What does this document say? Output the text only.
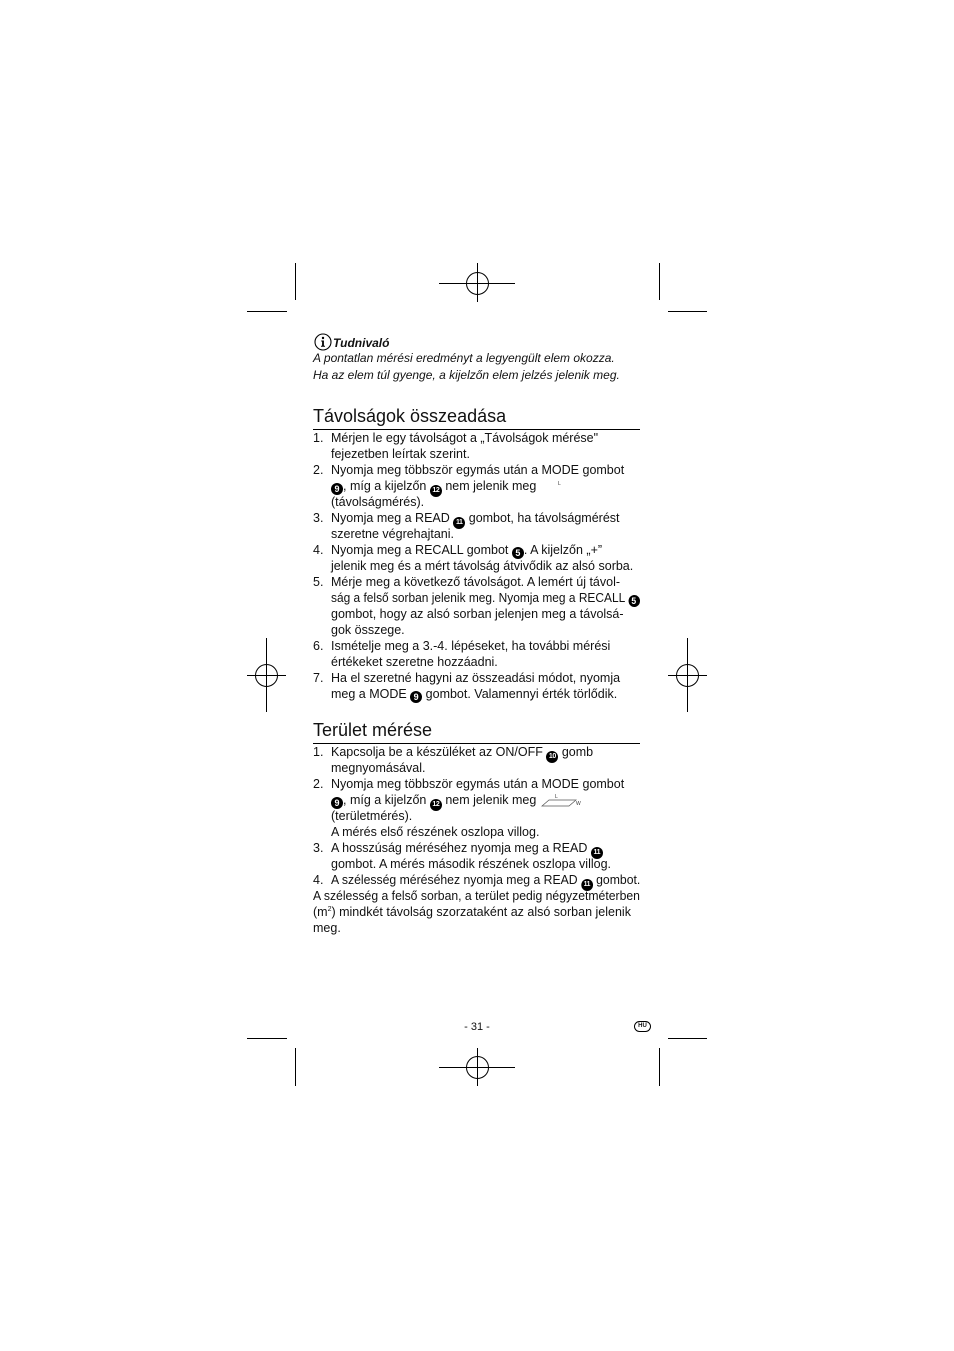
Tudnivaló
A pontatlan mérési eredményt a legyengült elem okozza.
Ha az elem túl gyenge, a kijelzőn elem jelzés jelenik meg.
Távolságok összeadása
1. Mérjen le egy távolságot a „Távolságok mérése"
fejezetben leírtak szerint.
2. Nyomja meg többször egymás után a MODE gombot
9 , míg a kijelzőn 12 nem jelenik meg	L
(távolságmérés).
3. Nyomja meg a READ 11 gombot, ha távolságmérést
szeretne végrehajtani.
4. Nyomja meg a RECALL gombot 5 . A kijelzőn „+”
jelenik meg és a mért távolság átvivődik az alsó sorba.
5. Mérje meg a következő távolságot. A lemért új távol-
ság a felső sorban jelenik meg. Nyomja meg a RECALL 5
gombot, hogy az alsó sorban jelenjen meg a távolsá-
gok összege.
6. Ismételje meg a 3.-4. lépéseket, ha további mérési
értékeket szeretne hozzáadni.
7. Ha el szeretné hagyni az összeadási módot, nyomja
meg a MODE 9 gombot. Valamennyi érték törlődik.
Terület mérése
1. Kapcsolja be a készüléket az ON/OFF 10 gomb
megnyomásával.
2. Nyomja meg többször egymás után a MODE gombot
9 , míg a kijelzőn 12 nem jelenik meg	L
W
(területmérés).
A mérés első részének oszlopa villog.
3. A hosszúság méréséhez nyomja meg a READ 11
gombot. A mérés második részének oszlopa villog.
4. A szélesség méréséhez nyomja meg a READ 11 gombot.
A szélesség a felső sorban, a terület pedig négyzetméterben
$(m^2)$ mindkét távolság szorzataként az alsó sorban jelenik
meg.
- 31 -	HU
